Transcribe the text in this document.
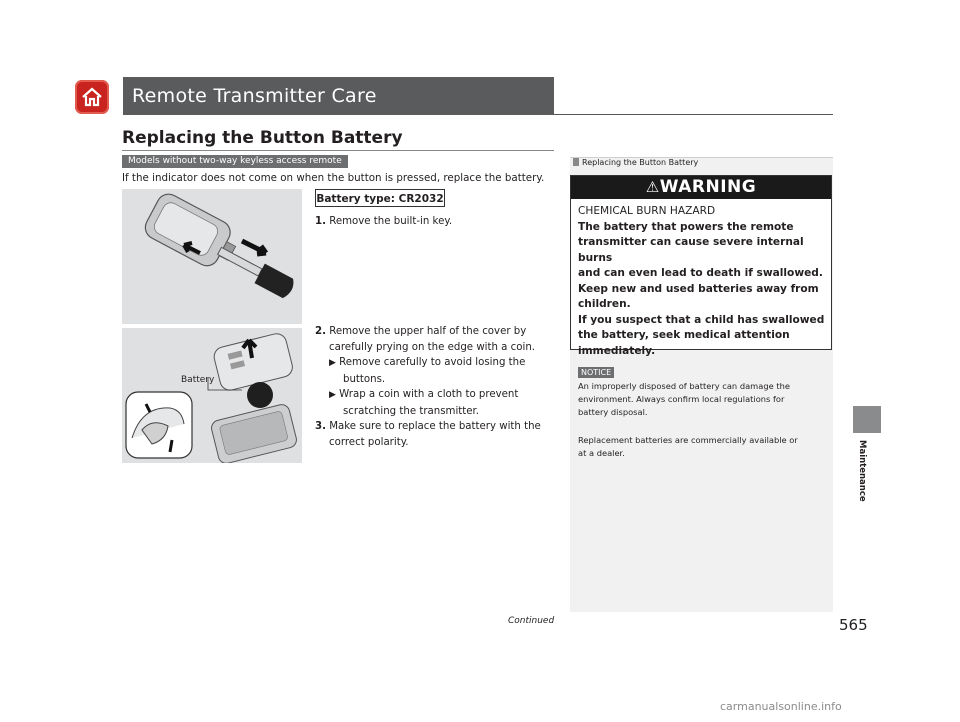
Remote Transmitter Care
Replacing the Button Battery
Models without two-way keyless access remote
If the indicator does not come on when the button is pressed, replace the battery.
Battery type: CR2032
1. Remove the built-in key.
Battery
2. Remove the upper half of the cover by
carefully prying on the edge with a coin.
▶ Remove carefully to avoid losing the
buttons.
▶ Wrap a coin with a cloth to prevent
scratching the transmitter.
3. Make sure to replace the battery with the
correct polarity.
Replacing the Button Battery
⚠WARNING
CHEMICAL BURN HAZARD
The battery that powers the remote
transmitter can cause severe internal burns
and can even lead to death if swallowed.
Keep new and used batteries away from
children.
If you suspect that a child has swallowed
the battery, seek medical attention
immediately.
NOTICE
An improperly disposed of battery can damage the
environment. Always confirm local regulations for
battery disposal.
Replacement batteries are commercially available or
at a dealer.	Maintenance
Continued	565
carmanualsonline.info
